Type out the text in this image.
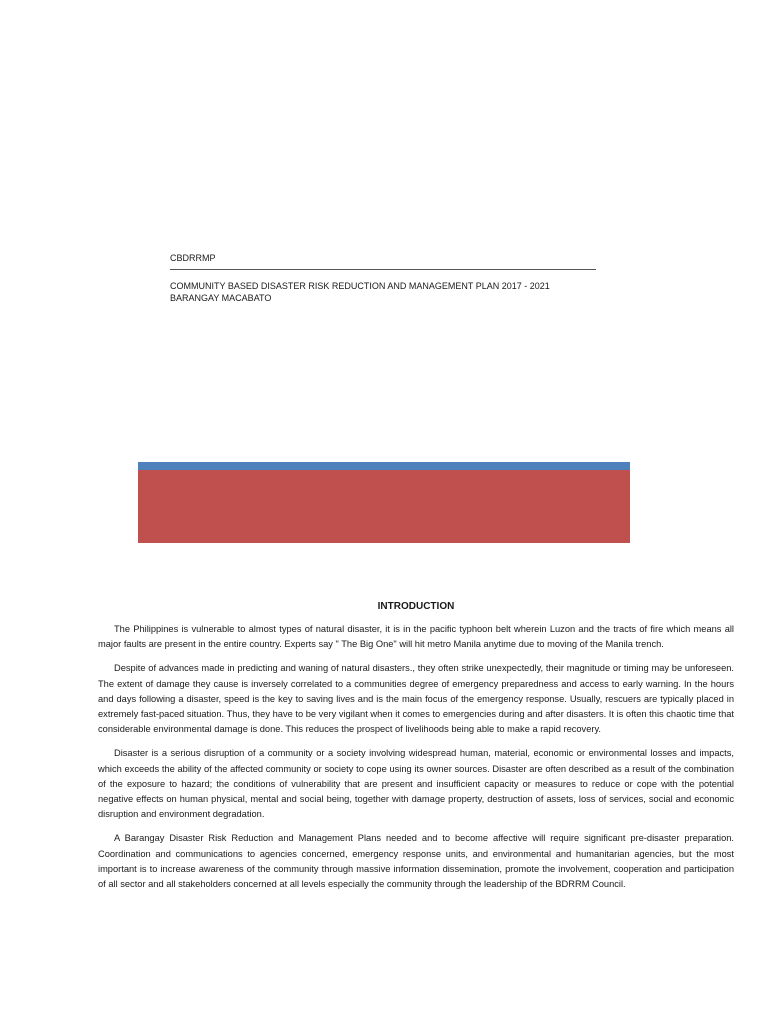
CBDRRMP

COMMUNITY BASED DISASTER RISK REDUCTION AND MANAGEMENT PLAN 2017 - 2021

BARANGAY MACABATO

INTRODUCTION

The Philippines is vulnerable to almost types of natural disaster, it is in the pacific typhoon belt wherein Luzon and the tracts of fire which means all major faults are present in the entire country. Experts say " The Big One" will hit metro Manila anytime due to moving of the Manila trench.

Despite of advances made in predicting and waning of natural disasters., they often strike unexpectedly, their magnitude or timing may be unforeseen. The extent of damage they cause is inversely correlated to a communities degree of emergency preparedness and access to early warning. In the hours and days following a disaster, speed is the key to saving lives and is the main focus of the emergency response. Usually, rescuers are typically placed in extremely fast-paced situation. Thus, they have to be very vigilant when it comes to emergencies during and after disasters. It is often this chaotic time that considerable environmental damage is done. This reduces the prospect of livelihoods being able to make a rapid recovery.

Disaster is a serious disruption of a community or a society involving widespread human, material, economic or environmental losses and impacts, which exceeds the ability of the affected community or society to cope using its owner sources. Disaster are often described as a result of the combination of the exposure to hazard; the conditions of vulnerability that are present and insufficient capacity or measures to reduce or cope with the potential negative effects on human physical, mental and social being, together with damage property, destruction of assets, loss of services, social and economic disruption and environment degradation.

A Barangay Disaster Risk Reduction and Management Plans needed and to become affective will require significant pre-disaster preparation. Coordination and communications to agencies concerned, emergency response units, and environmental and humanitarian agencies, but the most important is to increase awareness of the community through massive information dissemination, promote the involvement, cooperation and participation of all sector and all stakeholders concerned at all levels especially the community through the leadership of the BDRRM Council.
